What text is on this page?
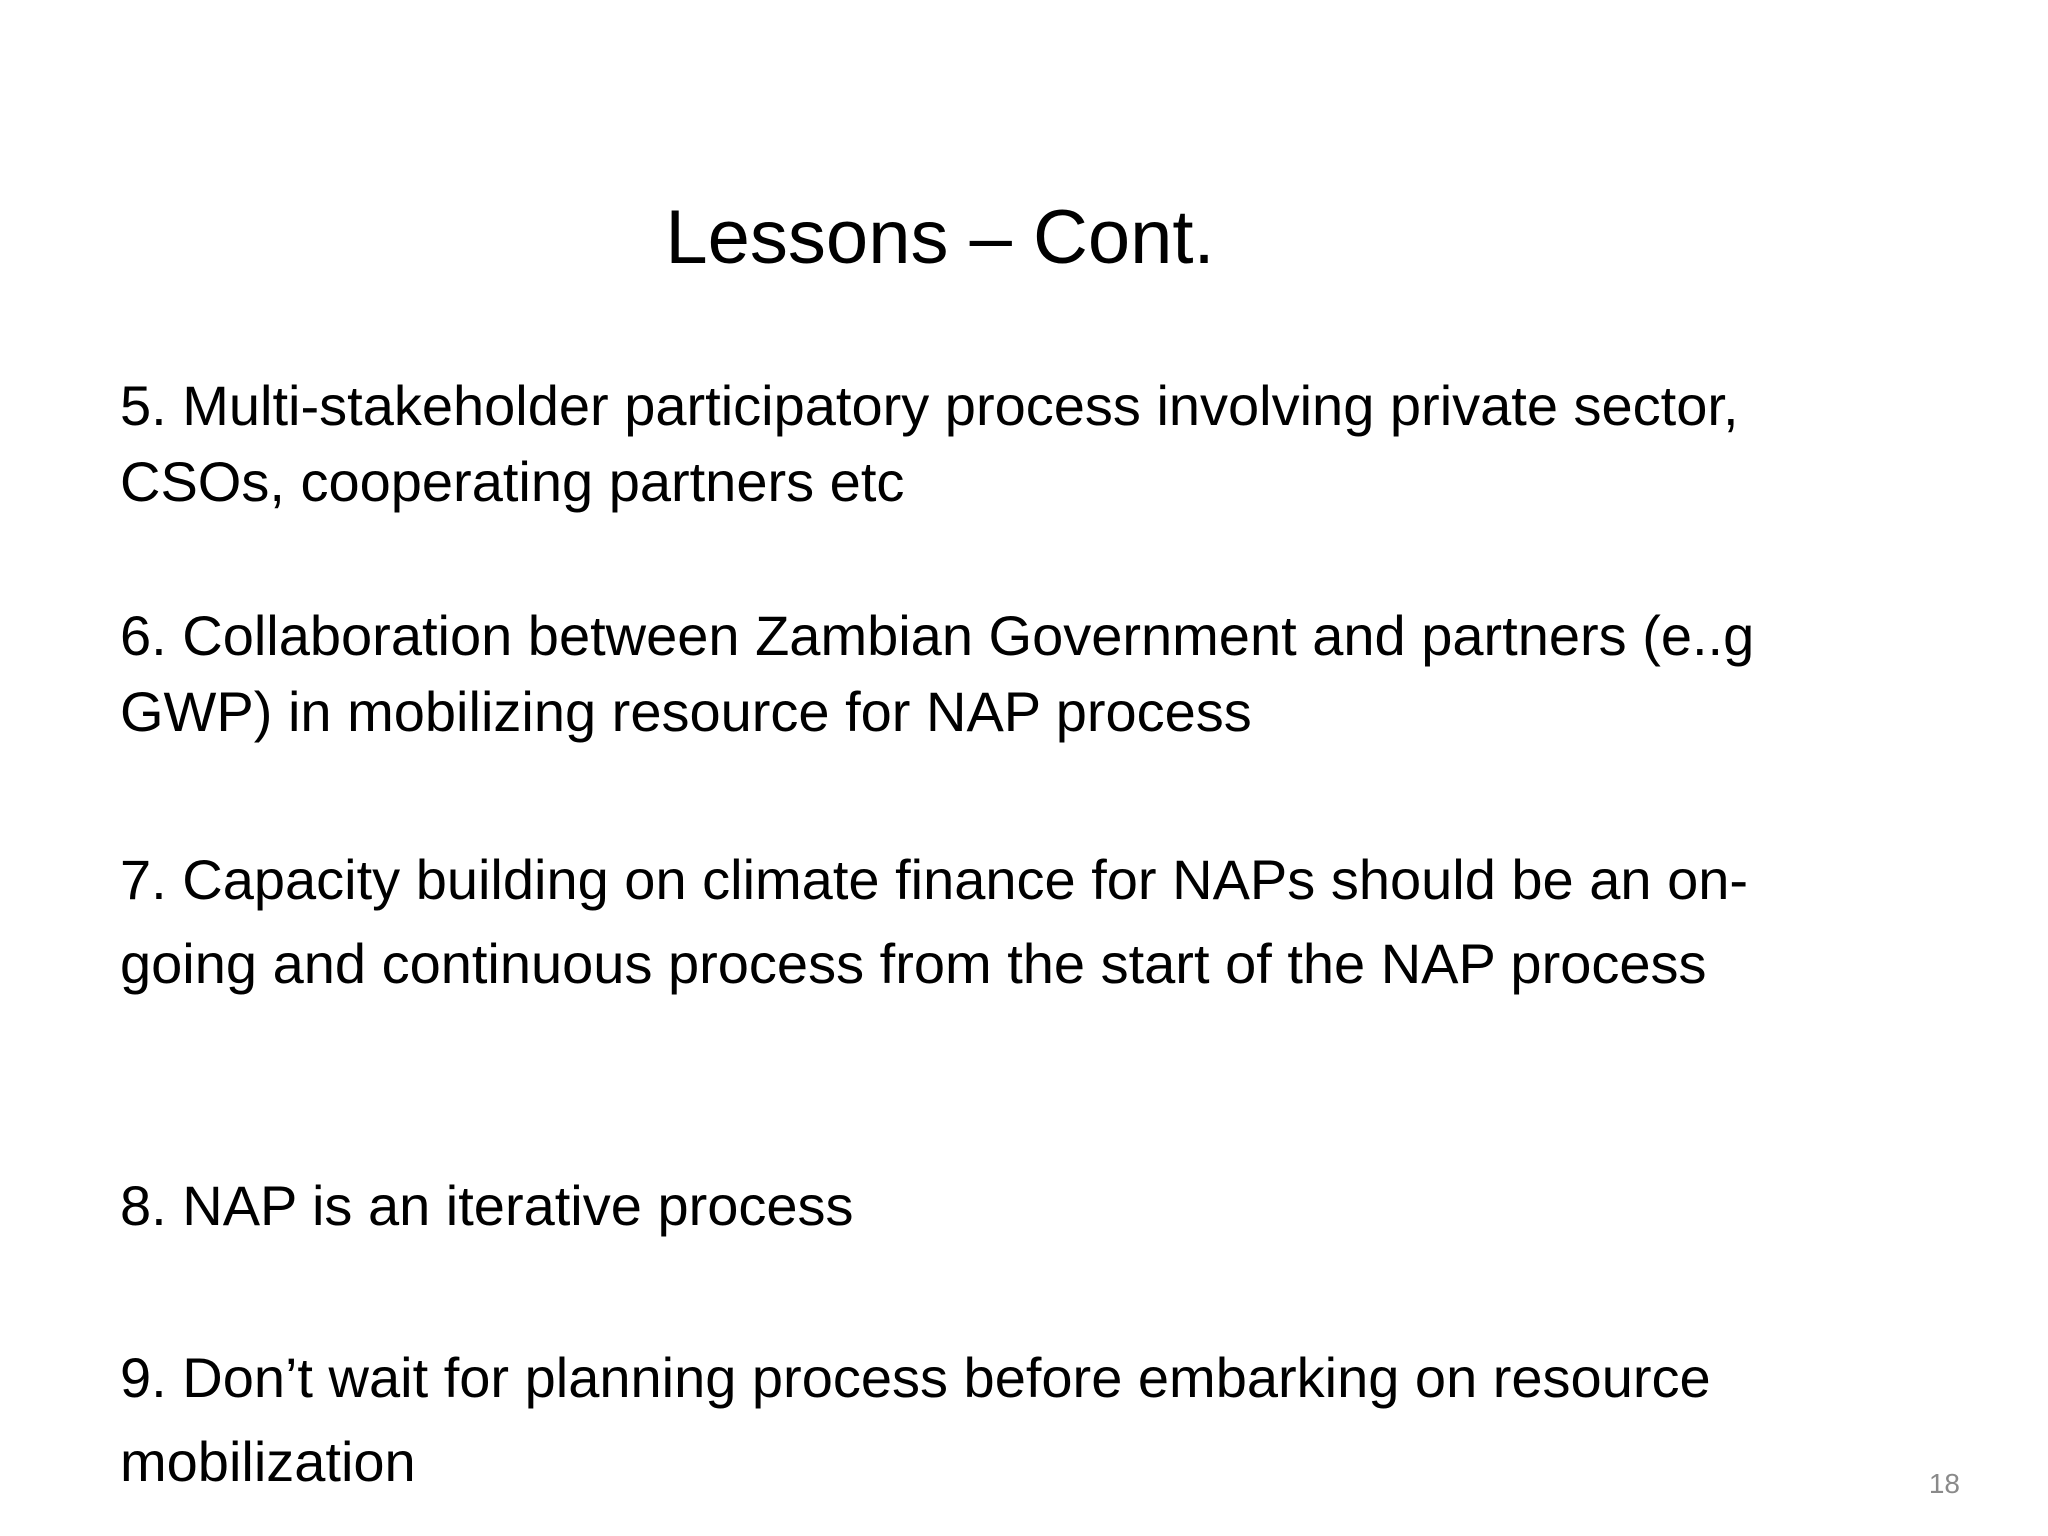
Lessons – Cont.

5. Multi-stakeholder participatory process involving private sector, CSOs, cooperating partners etc

6. Collaboration between Zambian Government and partners (e..g GWP) in mobilizing resource for NAP process

7. Capacity building on climate finance for NAPs should be an on-going and continuous process from the start of the NAP process

8. NAP is an iterative process

9. Don’t wait for planning process before embarking on resource mobilization	18
